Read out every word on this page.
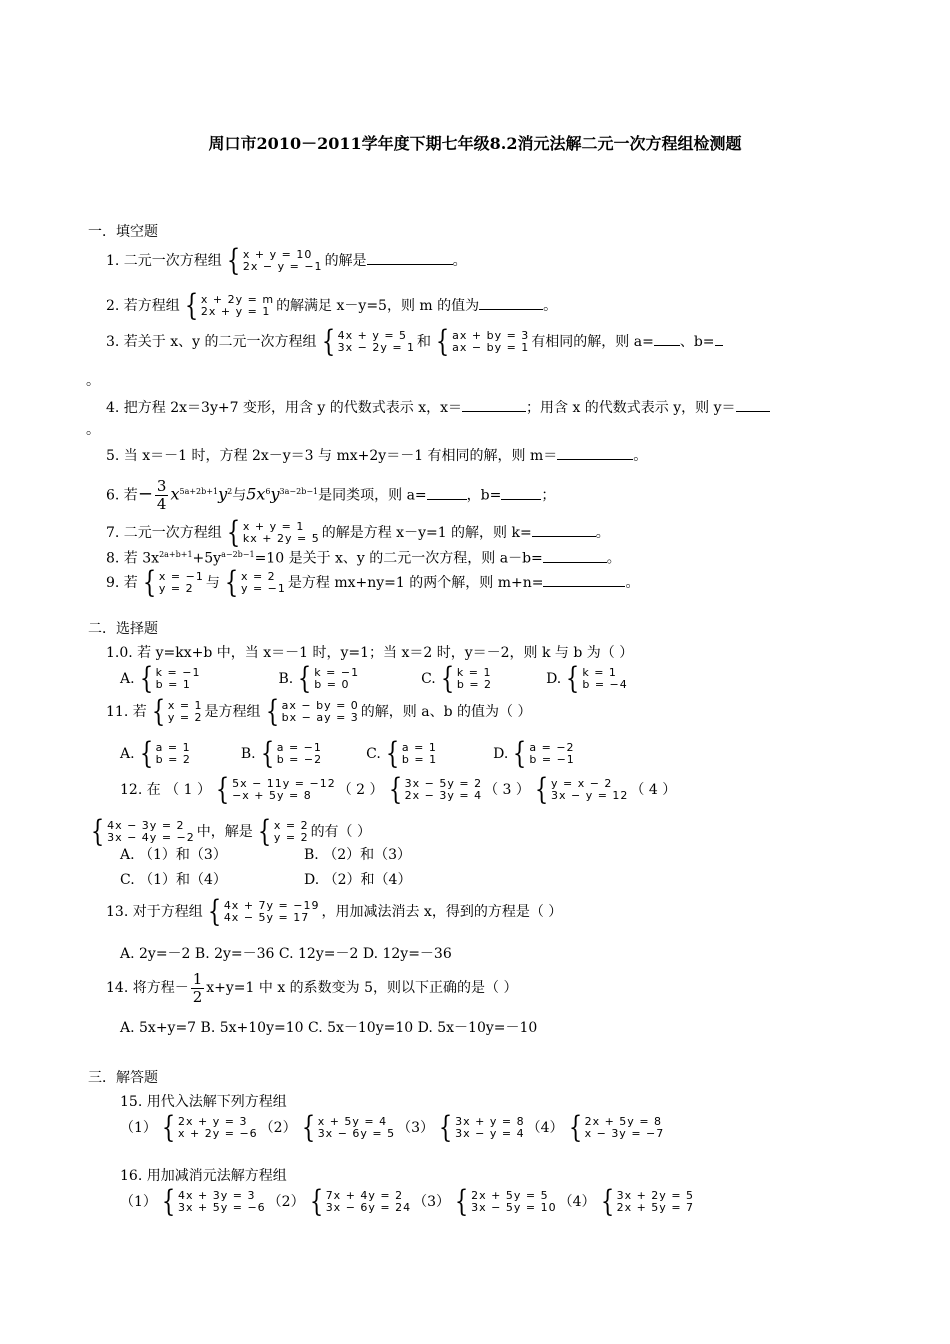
周口市2010－2011学年度下期七年级8.2消元法解二元一次方程组检测题
一．填空题
1. 二元一次方程组 { x + y = 10
2x − y = −1 的解是	。
2. 若方程组 { x + 2y = m
2x + y = 1 的解满足 x－y=5，则 m 的值为	。
3. 若关于 x、y 的二元一次方程组 { 4x + y = 5
3x − 2y = 1 和 { ax + by = 3
ax − by = 1 有相同的解，则 a= 、b=
。
4. 把方程 2x＝3y+7 变形，用含 y 的代数式表示 x，x＝	；用含 x 的代数式表示 y，则 y＝
。
5. 当 x＝－1 时，方程 2x－y＝3 与 mx+2y＝－1 有相同的解，则 m＝	。
6. 若− $\frac{3}{4} x^{5a+2b+1}y^2$与$5x^6y^{3a-2b-1}$是同类项，则 a=	，b=	；
7. 二元一次方程组 { x + y = 1
kx + 2y = 5 的解是方程 x－y=1 的解，则 k=	。
8. 若 $3x^{2a+b+1}+5y^{a-2b-1}=10$ 是关于 x、y 的二元一次方程，则 a－b=	。
9. 若 { x = −1
y = 2 与 { x = 2
y = −1 是方程 mx+ny=1 的两个解，则 m+n=	。
二．选择题
1.0. 若 y=kx+b 中，当 x＝－1 时，y=1；当 x＝2 时，y＝－2，则 k 与 b 为（ ）
A. { k = −1
b = 1	B. { k = −1
b = 0	C. { k = 1
b = 2	D. { k = 1
b = −4
11. 若 { x = 1
y = 2 是方程组 { ax − by = 0
bx − ay = 3 的解，则 a、b 的值为（ ）
A. { a = 1
b = 2	B. { a = −1
b = −2	C. { a = 1
b = 1	D. { a = −2
b = −1
12. 在 （ 1 ） { 5x − 11y = −12
−x + 5y = 8	（ 2 ） { 3x − 5y = 2
2x − 3y = 4 （ 3 ） { y = x − 2
3x − y = 12 （ 4 ）
{ 4x − 3y = 2
3x − 4y = −2 中，解是 { x = 2
y = 2 的有（ ）
A. （1）和（3）	B. （2）和（3）
C. （1）和（4）	D. （2）和（4）
13. 对于方程组 { 4x + 7y = −19
4x − 5y = 17 ，用加减法消去 x，得到的方程是（ ）
A. 2y=－2 B. 2y=－36 C. 12y=－2 D. 12y=－36
14. 将方程－ $\frac{1}{2} x+y=1$ 中 x 的系数变为 5，则以下正确的是（ ）
A. 5x+y=7 B. 5x+10y=10 C. 5x－10y=10 D. 5x－10y=－10
三．解答题
15. 用代入法解下列方程组
（1） { 2x + y = 3
x + 2y = −6 （2） { x + 5y = 4
3x − 6y = 5 （3） { 3x + y = 8
3x − y = 4 （4） { 2x + 5y = 8
x − 3y = −7
16. 用加减消元法解方程组
（1） { 4x + 3y = 3
3x + 5y = −6 （2） { 7x + 4y = 2
3x − 6y = 24 （3） { 2x + 5y = 5
3x − 5y = 10 （4） { 3x + 2y = 5
2x + 5y = 7
